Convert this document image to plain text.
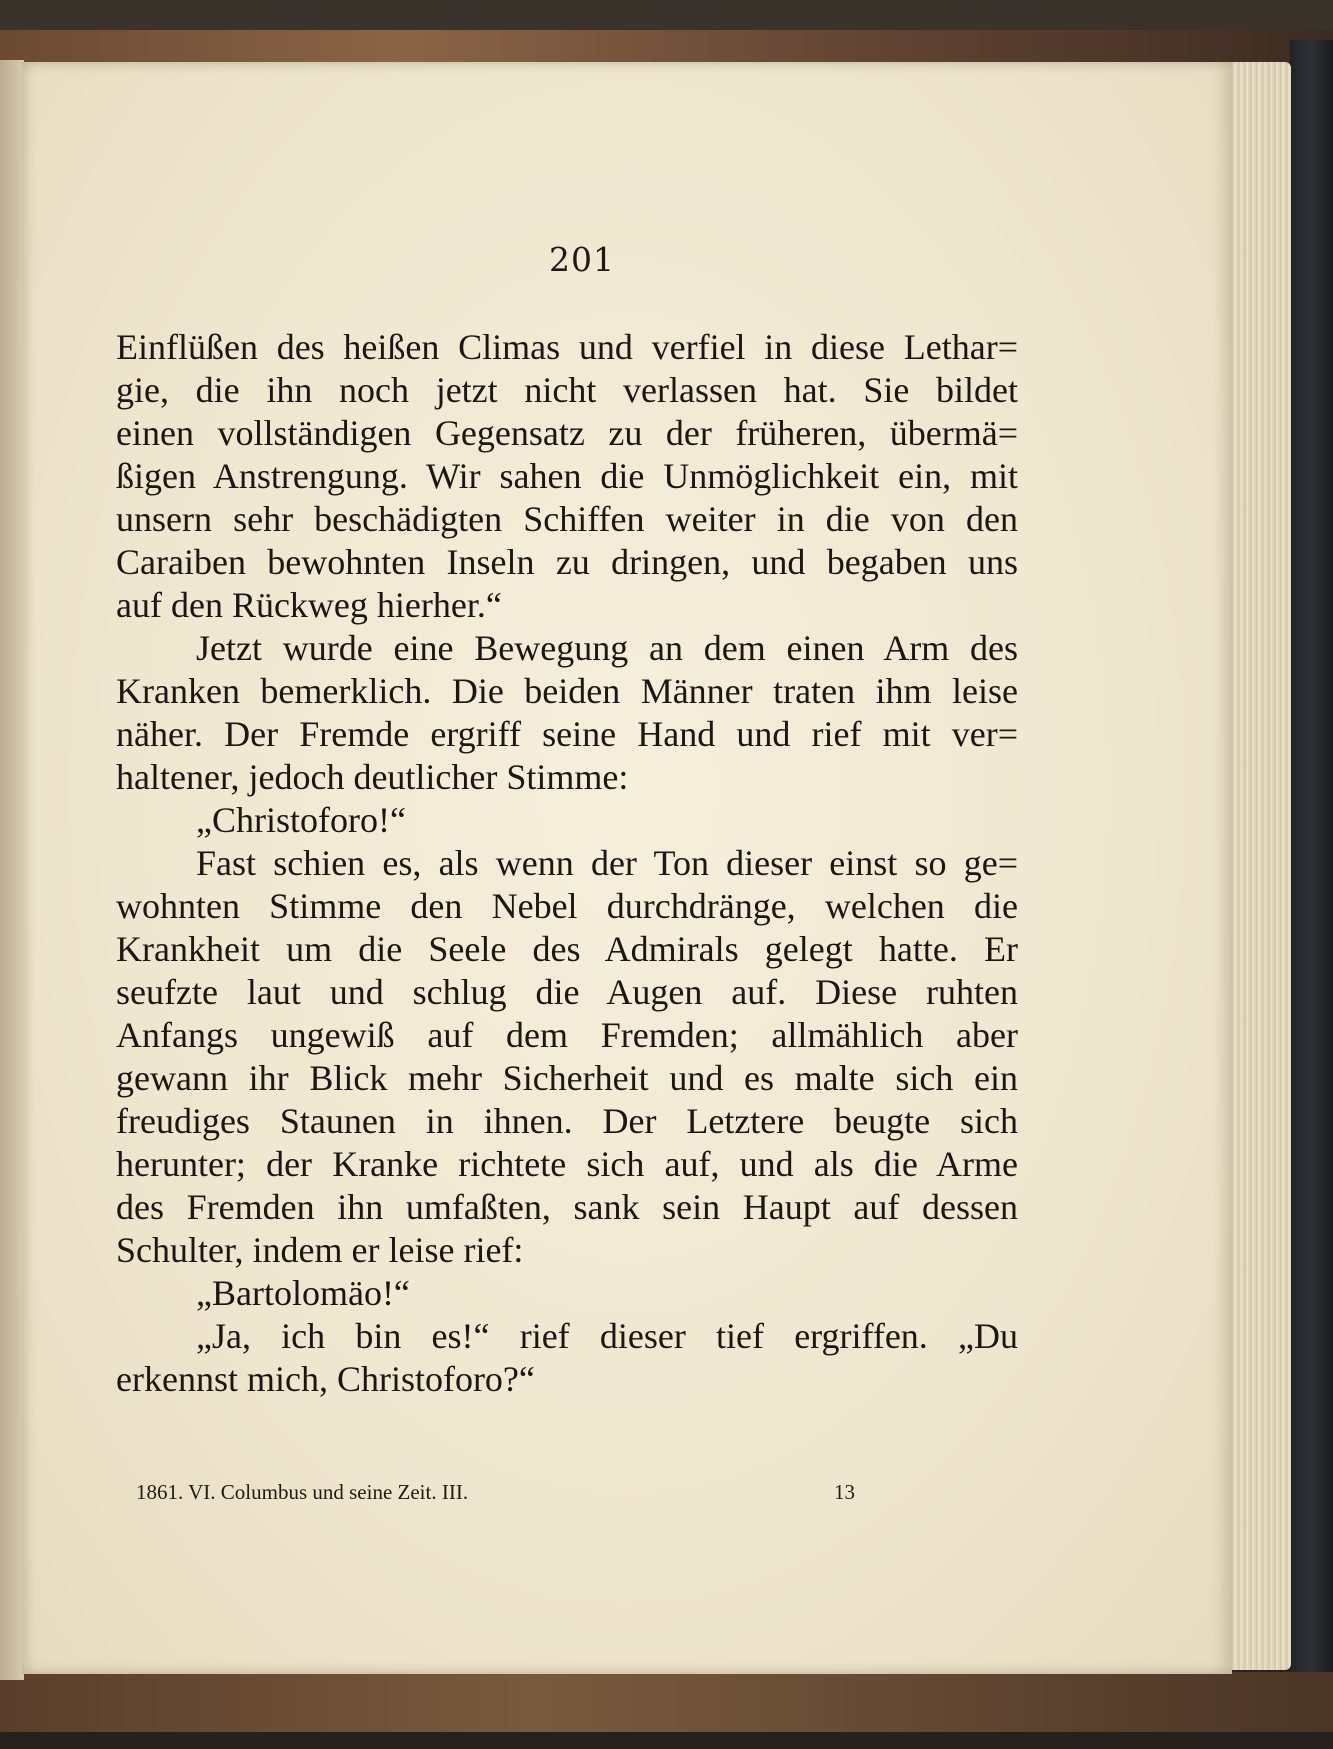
201
Einflüßen des heißen Climas und verfiel in diese Lethar=
gie, die ihn noch jetzt nicht verlassen hat. Sie bildet
einen vollständigen Gegensatz zu der früheren, übermä=
ßigen Anstrengung. Wir sahen die Unmöglichkeit ein, mit
unsern sehr beschädigten Schiffen weiter in die von den
Caraiben bewohnten Inseln zu dringen, und begaben uns
auf den Rückweg hierher.“
Jetzt wurde eine Bewegung an dem einen Arm des
Kranken bemerklich. Die beiden Männer traten ihm leise
näher. Der Fremde ergriff seine Hand und rief mit ver=
haltener, jedoch deutlicher Stimme:
„Christoforo!“
Fast schien es, als wenn der Ton dieser einst so ge=
wohnten Stimme den Nebel durchdränge, welchen die
Krankheit um die Seele des Admirals gelegt hatte. Er
seufzte laut und schlug die Augen auf. Diese ruhten
Anfangs ungewiß auf dem Fremden; allmählich aber
gewann ihr Blick mehr Sicherheit und es malte sich ein
freudiges Staunen in ihnen. Der Letztere beugte sich
herunter; der Kranke richtete sich auf, und als die Arme
des Fremden ihn umfaßten, sank sein Haupt auf dessen
Schulter, indem er leise rief:
„Bartolomäo!“
„Ja, ich bin es!“ rief dieser tief ergriffen. „Du
erkennst mich, Christoforo?“
1861. VI. Columbus und seine Zeit. III.	13
